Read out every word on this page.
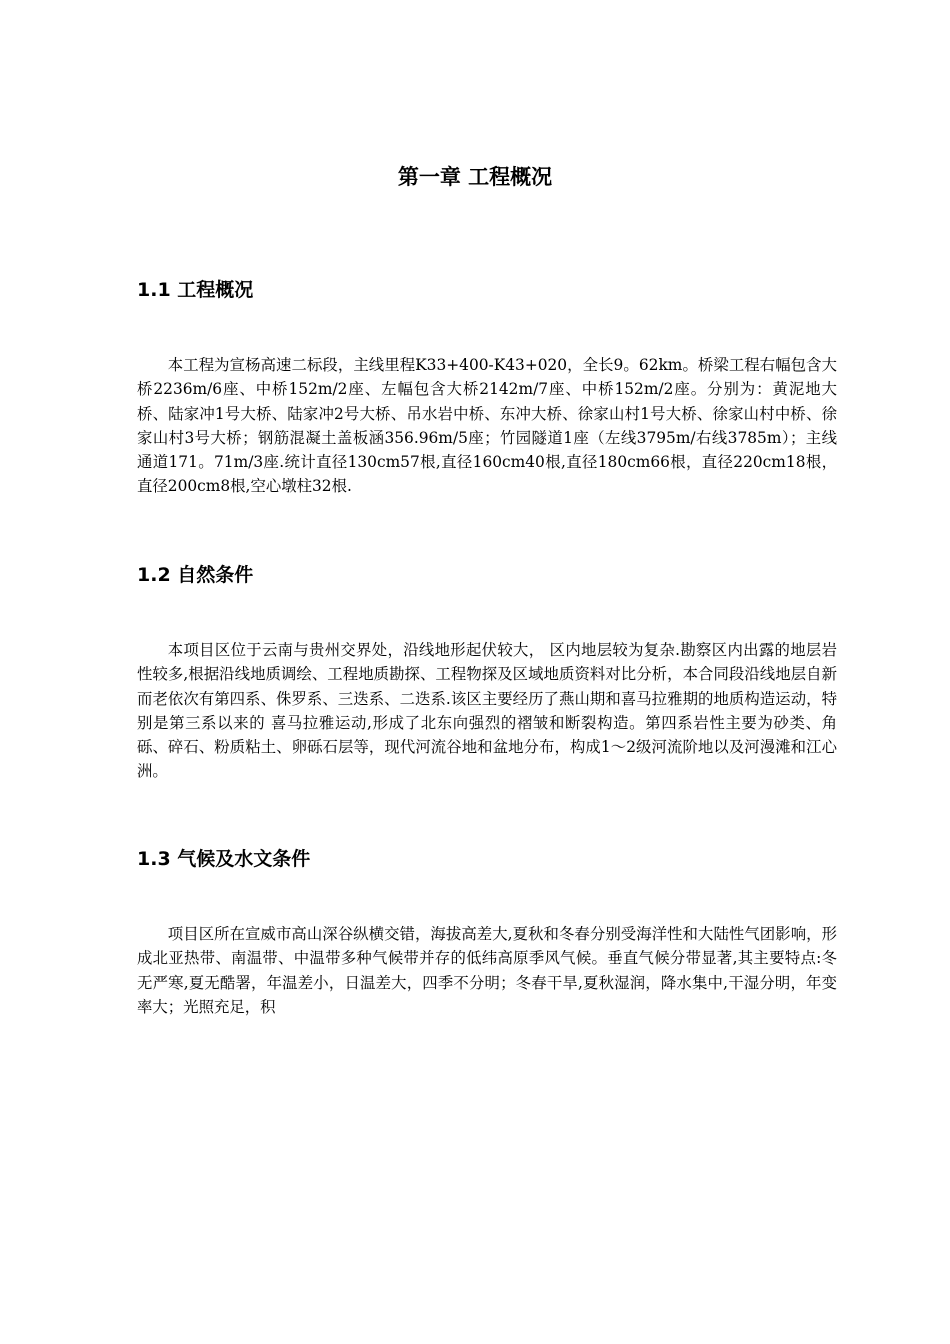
第一章 工程概况
1.1 工程概况

本工程为宣杨高速二标段，主线里程K33+400-K43+020，全长9。62km。桥梁工程右幅包含大桥2236m/6座、中桥152m/2座、左幅包含大桥2142m/7座、中桥152m/2座。分别为：黄泥地大桥、陆家冲1号大桥、陆家冲2号大桥、吊水岩中桥、东冲大桥、徐家山村1号大桥、徐家山村中桥、徐家山村3号大桥；钢筋混凝土盖板涵356.96m/5座；竹园隧道1座（左线3795m/右线3785m）；主线通道171。71m/3座.统计直径130cm57根,直径160cm40根,直径180cm66根，直径220cm18根，直径200cm8根,空心墩柱32根.

1.2 自然条件

本项目区位于云南与贵州交界处，沿线地形起伏较大， 区内地层较为复杂.勘察区内出露的地层岩性较多,根据沿线地质调绘、工程地质勘探、工程物探及区域地质资料对比分析，本合同段沿线地层自新而老依次有第四系、侏罗系、三迭系、二迭系.该区主要经历了燕山期和喜马拉雅期的地质构造运动，特别是第三系以来的 喜马拉雅运动,形成了北东向强烈的褶皱和断裂构造。第四系岩性主要为砂类、角砾、碎石、粉质粘土、卵砾石层等，现代河流谷地和盆地分布，构成1～2级河流阶地以及河漫滩和江心洲。

1.3 气候及水文条件

项目区所在宣威市高山深谷纵横交错，海拔高差大,夏秋和冬春分别受海洋性和大陆性气团影响，形成北亚热带、南温带、中温带多种气候带并存的低纬高原季风气候。垂直气候分带显著,其主要特点:冬无严寒,夏无酷署，年温差小，日温差大，四季不分明；冬春干旱,夏秋湿润，降水集中,干湿分明，年变率大；光照充足，积
